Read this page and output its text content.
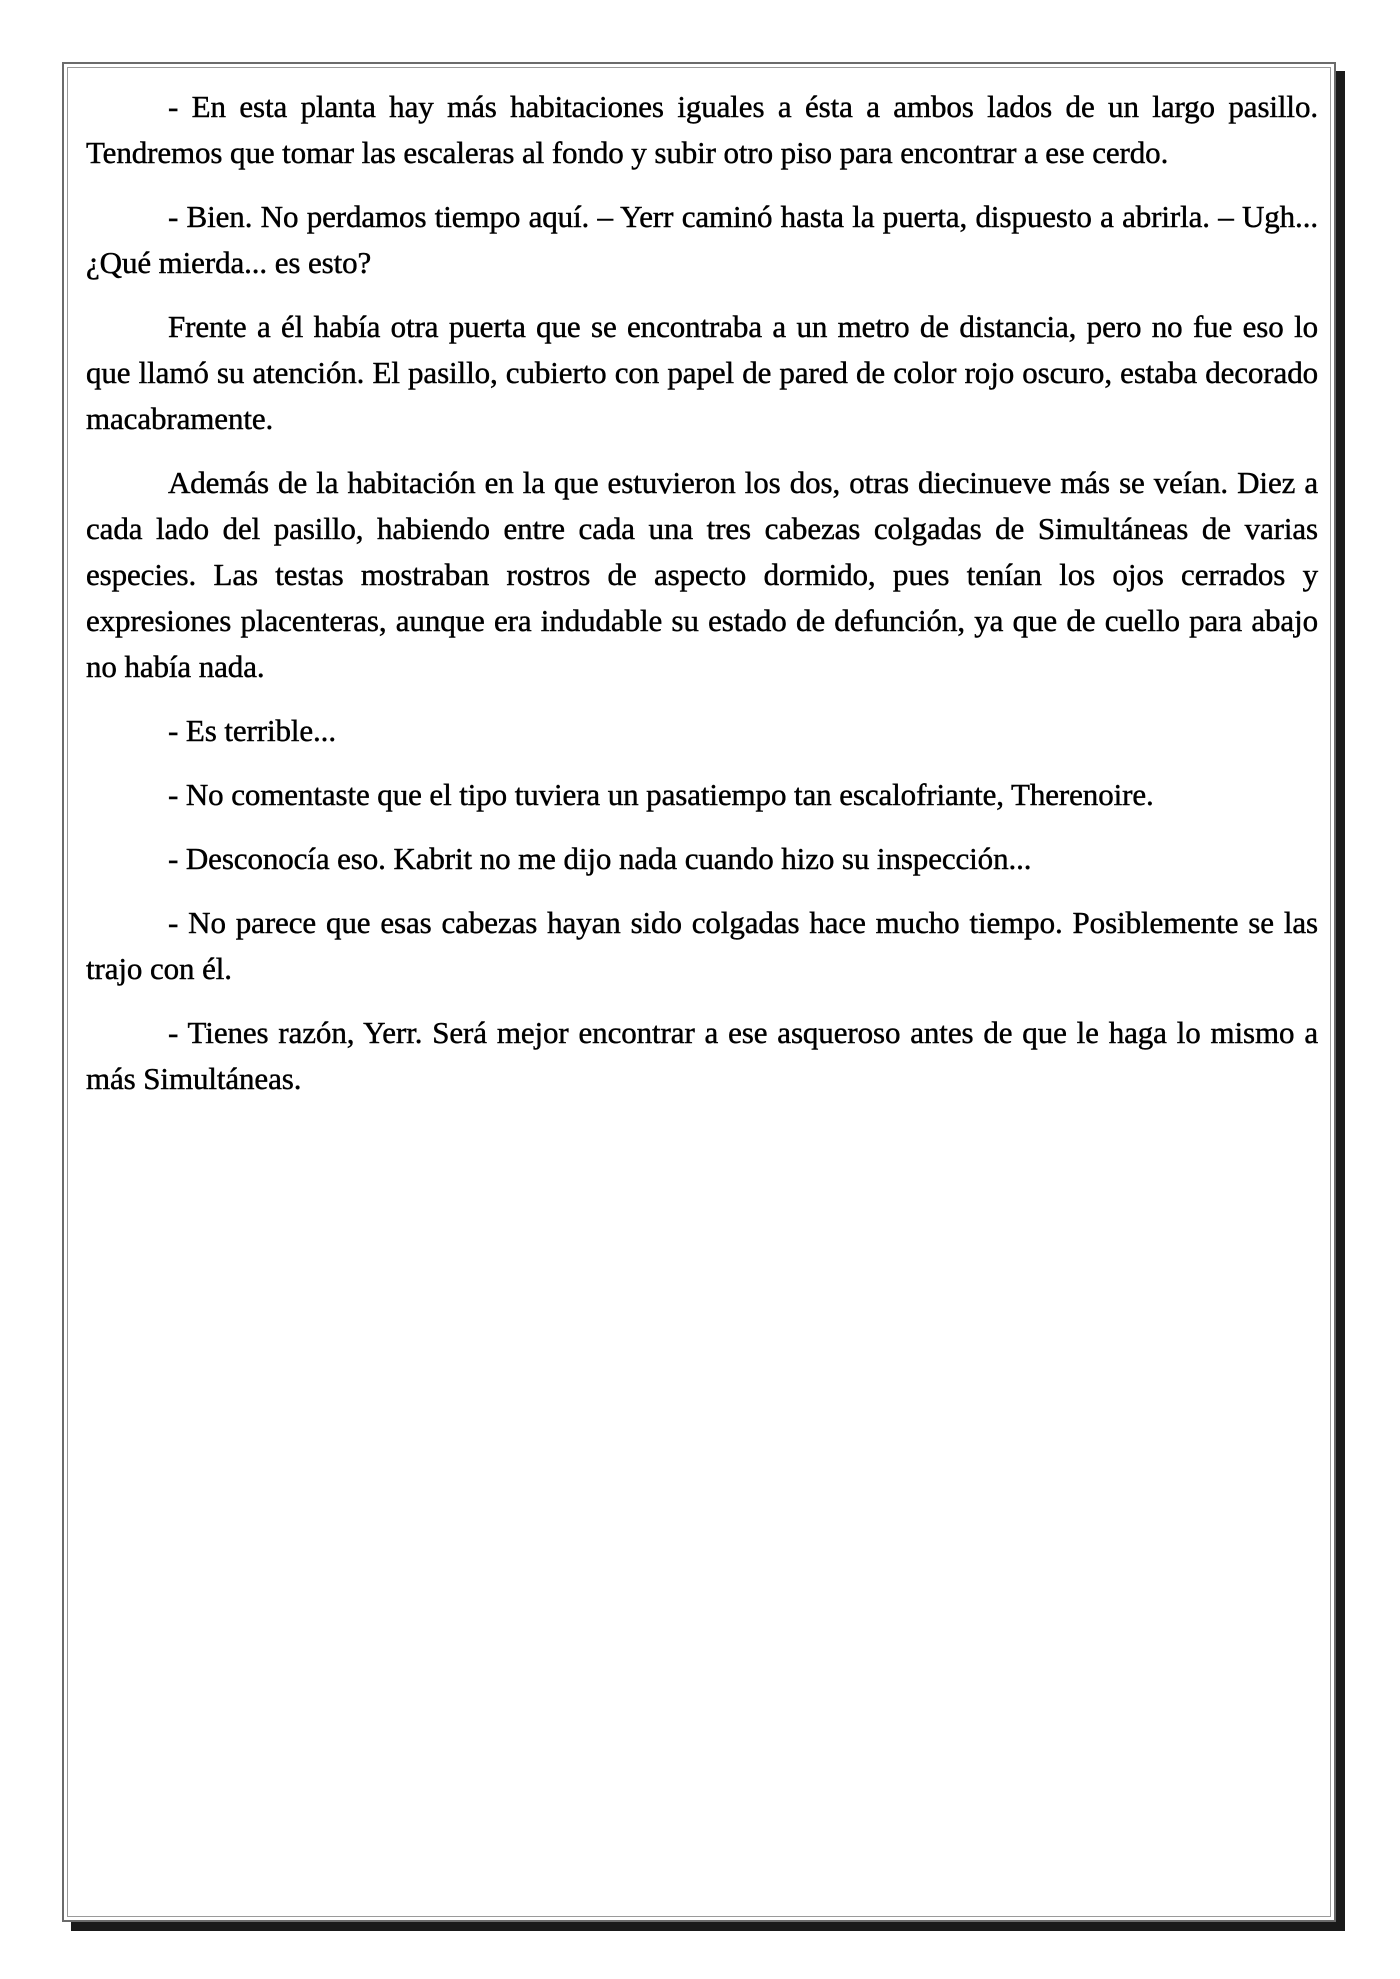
- En esta planta hay más habitaciones iguales a ésta a ambos lados de un largo pasillo. Tendremos que tomar las escaleras al fondo y subir otro piso para encontrar a ese cerdo.

- Bien. No perdamos tiempo aquí. – Yerr caminó hasta la puerta, dispuesto a abrirla. – Ugh... ¿Qué mierda... es esto?

Frente a él había otra puerta que se encontraba a un metro de distancia, pero no fue eso lo que llamó su atención. El pasillo, cubierto con papel de pared de color rojo oscuro, estaba decorado macabramente.

Además de la habitación en la que estuvieron los dos, otras diecinueve más se veían. Diez a cada lado del pasillo, habiendo entre cada una tres cabezas colgadas de Simultáneas de varias especies. Las testas mostraban rostros de aspecto dormido, pues tenían los ojos cerrados y expresiones placenteras, aunque era indudable su estado de defunción, ya que de cuello para abajo no había nada.

- Es terrible...

- No comentaste que el tipo tuviera un pasatiempo tan escalofriante, Therenoire.

- Desconocía eso. Kabrit no me dijo nada cuando hizo su inspección...

- No parece que esas cabezas hayan sido colgadas hace mucho tiempo. Posiblemente se las trajo con él.

- Tienes razón, Yerr. Será mejor encontrar a ese asqueroso antes de que le haga lo mismo a más Simultáneas.
